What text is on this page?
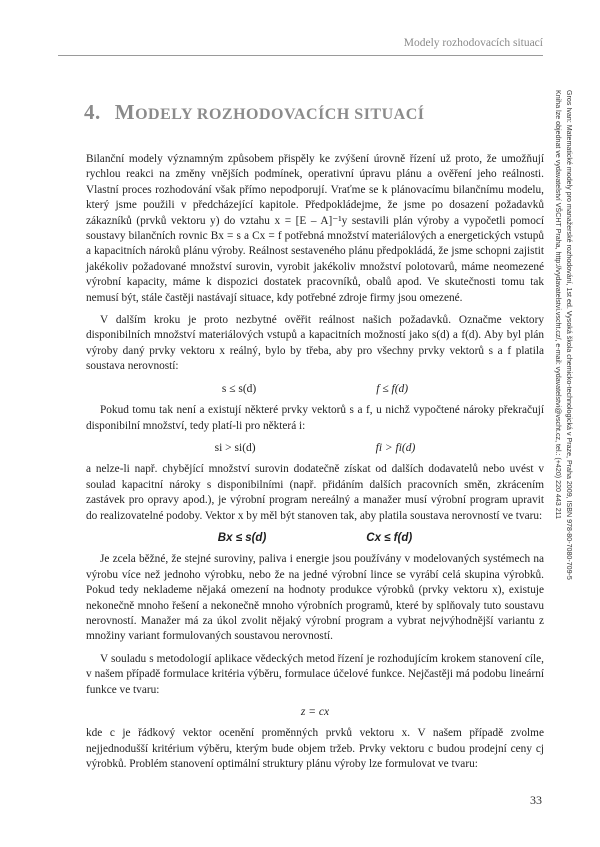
Modely rozhodovacích situací
4. MODELY ROZHODOVACÍCH SITUACÍ

Bilanční modely významným způsobem přispěly ke zvýšení úrovně řízení už proto, že umožňují rychlou reakci na změny vnějších podmínek, operativní úpravu plánu a ověření jeho reálnosti. Vlastní proces rozhodování však přímo nepodporují. Vraťme se k plánovacímu bilančnímu modelu, který jsme použili v předcházející kapitole. Předpokládejme, že jsme po dosazení požadavků zákazníků (prvků vektoru y) do vztahu x = [E – A]⁻¹y sestavili plán výroby a vypočetli pomocí soustavy bilančních rovnic Bx = s a Cx = f potřebná množství materiálových a energetických vstupů a kapacitních nároků plánu výroby. Reálnost sestaveného plánu předpokládá, že jsme schopni zajistit jakékoliv požadované množství surovin, vyrobit jakékoliv množství polotovarů, máme neomezené výrobní kapacity, máme k dispozici dostatek pracovníků, obalů apod. Ve skutečnosti tomu tak nemusí být, stále častěji nastávají situace, kdy potřebné zdroje firmy jsou omezené.

V dalším kroku je proto nezbytné ověřit reálnost našich požadavků. Označme vektory disponibilních množství materiálových vstupů a kapacitních možností jako s(d) a f(d). Aby byl plán výroby daný prvky vektoru x reálný, bylo by třeba, aby pro všechny prvky vektorů s a f platila soustava nerovností:

s ≤ s(d)	f ≤ f(d)

Pokud tomu tak není a existují některé prvky vektorů s a f, u nichž vypočtené nároky překračují disponibilní množství, tedy platí-li pro některá i:

si > si(d)	fi > fi(d)

a nelze-li např. chybějící množství surovin dodatečně získat od dalších dodavatelů nebo uvést v soulad kapacitní nároky s disponibilními (např. přidáním dalších pracovních směn, zkrácením zastávek pro opravy apod.), je výrobní program nereálný a manažer musí výrobní program upravit do realizovatelné podoby. Vektor x by měl být stanoven tak, aby platila soustava nerovností ve tvaru:

Bx ≤ s(d)	Cx ≤ f(d)

Je zcela běžné, že stejné suroviny, paliva i energie jsou používány v modelovaných systémech na výrobu více než jednoho výrobku, nebo že na jedné výrobní lince se vyrábí celá skupina výrobků. Pokud tedy neklademe nějaká omezení na hodnoty produkce výrobků (prvky vektoru x), existuje nekonečně mnoho řešení a nekonečně mnoho výrobních programů, které by splňovaly tuto soustavu nerovností. Manažer má za úkol zvolit nějaký výrobní program a vybrat nejvýhodnější variantu z množiny variant formulovaných soustavou nerovností.

V souladu s metodologií aplikace vědeckých metod řízení je rozhodujícím krokem stanovení cíle, v našem případě formulace kritéria výběru, formulace účelové funkce. Nejčastěji má podobu lineární funkce ve tvaru:

z = cx

kde c je řádkový vektor ocenění proměnných prvků vektoru x. V našem případě zvolme nejjednodušší kritérium výběru, kterým bude objem tržeb. Prvky vektoru c budou prodejní ceny cj výrobků. Problém stanovení optimální struktury plánu výroby lze formulovat ve tvaru:

Gros Ivan: Matematické modely pro manažerské rozhodování, 1st ed. Vysoká škola chemicko-technologická v Praze, Praha 2009, ISBN 978-80-7080-709-5
Kniha lze objednat ve vydavatelství VŠCHT Praha, http://vydavatelstvi.vscht.cz/, e-mail: vydavatelstvi@vscht.cz, tel.: (+420) 220 443 211
33
